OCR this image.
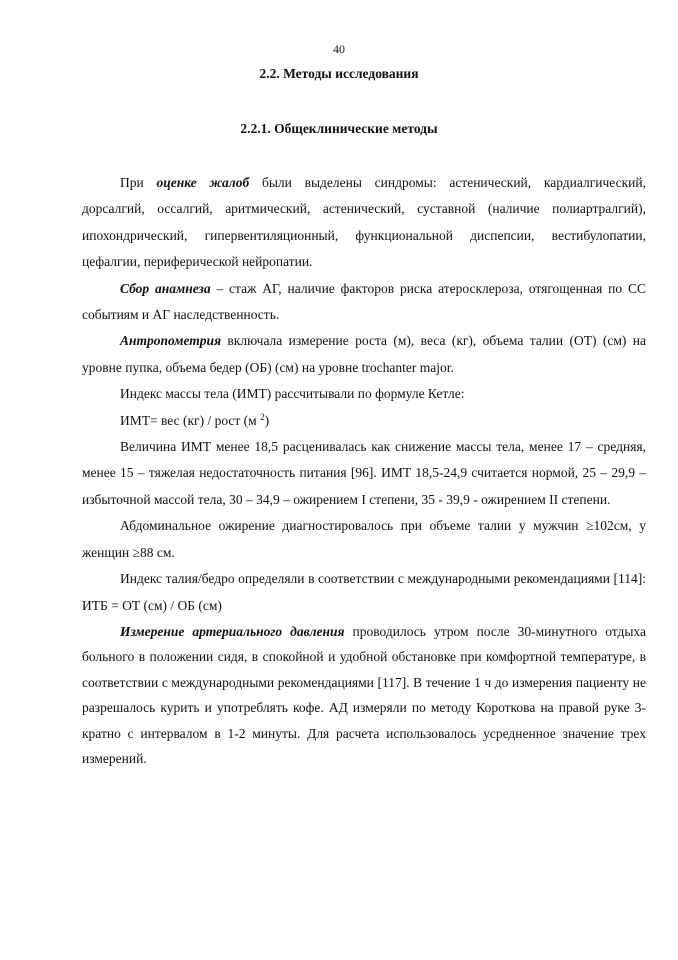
40
2.2. Методы исследования
2.2.1. Общеклинические методы

При оценке жалоб были выделены синдромы: астенический, кардиалгический, дорсалгий, оссалгий, аритмический, астенический, суставной (наличие полиартралгий), ипохондрический, гипервентиляционный, функциональной диспепсии, вестибулопатии, цефалгии, периферической нейропатии.

Сбор анамнеза – стаж АГ, наличие факторов риска атеросклероза, отягощенная по СС событиям и АГ наследственность.

Антропометрия включала измерение роста (м), веса (кг), объема талии (ОТ) (см) на уровне пупка, объема бедер (ОБ) (см) на уровне trochanter major.

Индекс массы тела (ИМТ) рассчитывали по формуле Кетле:

ИМТ= вес (кг) / рост (м $^2$)

Величина ИМТ менее 18,5 расценивалась как снижение массы тела, менее 17 – средняя, менее 15 – тяжелая недостаточность питания [96]. ИМТ 18,5-24,9 считается нормой, 25 – 29,9 – избыточной массой тела, 30 – 34,9 – ожирением I степени, 35 - 39,9 - ожирением II степени.

Абдоминальное ожирение диагностировалось при объеме талии у мужчин ≥102см, у женщин ≥88 см.

Индекс талия/бедро определяли в соответствии с международными рекомендациями [114]: ИТБ = ОТ (см) / ОБ (см)

Измерение артериального давления проводилось утром после 30-минутного отдыха больного в положении сидя, в спокойной и удобной обстановке при комфортной температуре, в соответствии с международными рекомендациями [117]. В течение 1 ч до измерения пациенту не разрешалось курить и употреблять кофе. АД измеряли по методу Короткова на правой руке 3-кратно с интервалом в 1-2 минуты. Для расчета использовалось усредненное значение трех измерений.
